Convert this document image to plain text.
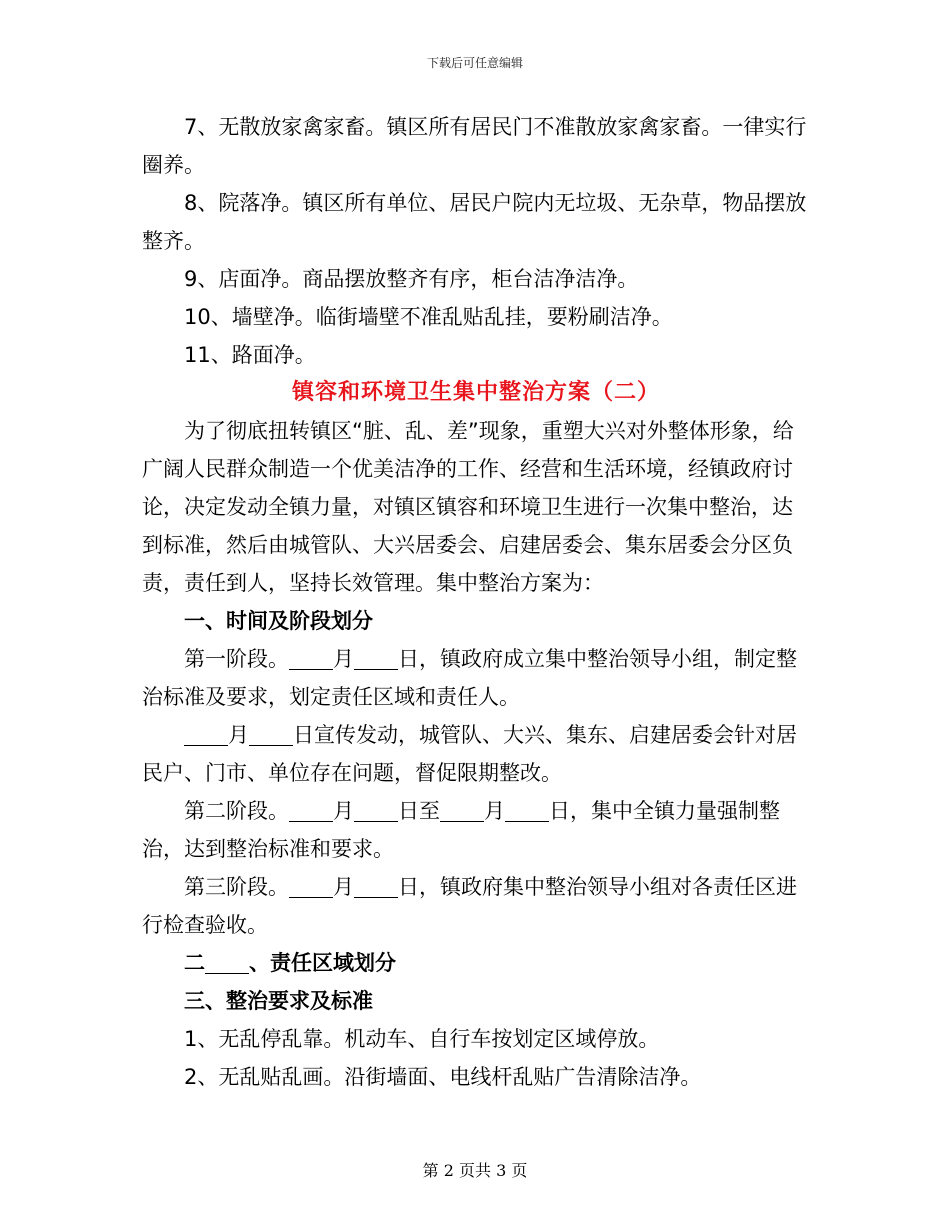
下载后可任意编辑

7、无散放家禽家畜。镇区所有居民门不准散放家禽家畜。一律实行圈养。

8、院落净。镇区所有单位、居民户院内无垃圾、无杂草，物品摆放整齐。

9、店面净。商品摆放整齐有序，柜台洁净洁净。

10、墙壁净。临街墙壁不准乱贴乱挂，要粉刷洁净。

11、路面净。

镇容和环境卫生集中整治方案（二）

为了彻底扭转镇区“脏、乱、差”现象，重塑大兴对外整体形象，给广阔人民群众制造一个优美洁净的工作、经营和生活环境，经镇政府讨论，决定发动全镇力量，对镇区镇容和环境卫生进行一次集中整治，达到标准，然后由城管队、大兴居委会、启建居委会、集东居委会分区负责，责任到人，坚持长效管理。集中整治方案为：

一、时间及阶段划分

第一阶段。 月 日，镇政府成立集中整治领导小组，制定整治标准及要求，划定责任区域和责任人。

月 日宣传发动，城管队、大兴、集东、启建居委会针对居民户、门市、单位存在问题，督促限期整改。

第二阶段。 月 日至 月 日，集中全镇力量强制整治，达到整治标准和要求。

第三阶段。 月 日，镇政府集中整治领导小组对各责任区进行检查验收。

二 、责任区域划分

三、整治要求及标准

1、无乱停乱靠。机动车、自行车按划定区域停放。

2、无乱贴乱画。沿街墙面、电线杆乱贴广告清除洁净。

第 2 页共 3 页
